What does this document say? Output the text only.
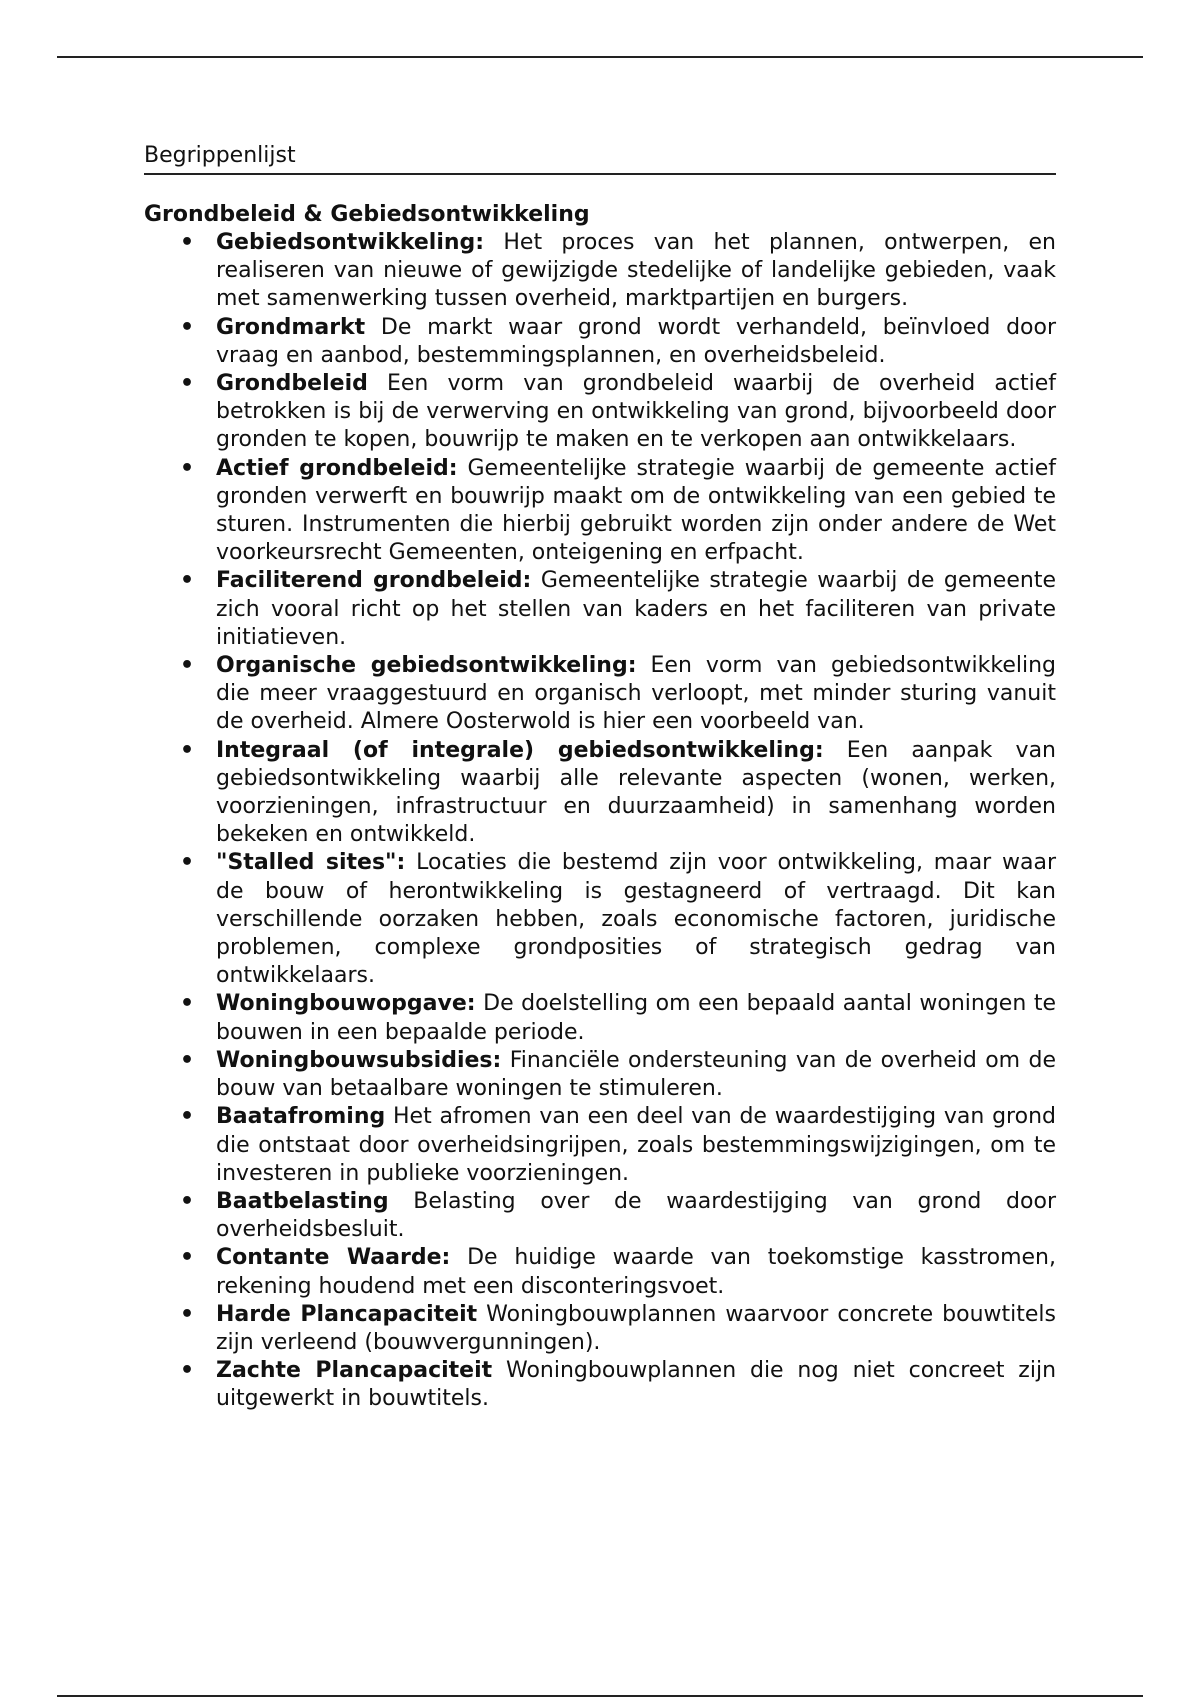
Begrippenlijst
Grondbeleid & Gebiedsontwikkeling
• Gebiedsontwikkeling: Het proces van het plannen, ontwerpen, en realiseren van nieuwe of gewijzigde stedelijke of landelijke gebieden, vaak met samenwerking tussen overheid, marktpartijen en burgers.
• Grondmarkt De markt waar grond wordt verhandeld, beïnvloed door vraag en aanbod, bestemmingsplannen, en overheidsbeleid.
• Grondbeleid Een vorm van grondbeleid waarbij de overheid actief betrokken is bij de verwerving en ontwikkeling van grond, bijvoorbeeld door gronden te kopen, bouwrijp te maken en te verkopen aan ontwikkelaars.
• Actief grondbeleid: Gemeentelijke strategie waarbij de gemeente actief gronden verwerft en bouwrijp maakt om de ontwikkeling van een gebied te sturen. Instrumenten die hierbij gebruikt worden zijn onder andere de Wet voorkeursrecht Gemeenten, onteigening en erfpacht.
• Faciliterend grondbeleid: Gemeentelijke strategie waarbij de gemeente zich vooral richt op het stellen van kaders en het faciliteren van private initiatieven.
• Organische gebiedsontwikkeling: Een vorm van gebiedsontwikkeling die meer vraaggestuurd en organisch verloopt, met minder sturing vanuit de overheid. Almere Oosterwold is hier een voorbeeld van.
• Integraal (of integrale) gebiedsontwikkeling: Een aanpak van gebiedsontwikkeling waarbij alle relevante aspecten (wonen, werken, voorzieningen, infrastructuur en duurzaamheid) in samenhang worden bekeken en ontwikkeld.
• "Stalled sites": Locaties die bestemd zijn voor ontwikkeling, maar waar de bouw of herontwikkeling is gestagneerd of vertraagd. Dit kan verschillende oorzaken hebben, zoals economische factoren, juridische problemen, complexe grondposities of strategisch gedrag van ontwikkelaars.
• Woningbouwopgave: De doelstelling om een bepaald aantal woningen te bouwen in een bepaalde periode.
• Woningbouwsubsidies: Financiële ondersteuning van de overheid om de bouw van betaalbare woningen te stimuleren.
• Baatafroming Het afromen van een deel van de waardestijging van grond die ontstaat door overheidsingrijpen, zoals bestemmingswijzigingen, om te investeren in publieke voorzieningen.
• Baatbelasting Belasting over de waardestijging van grond door overheidsbesluit.
• Contante Waarde: De huidige waarde van toekomstige kasstromen, rekening houdend met een disconteringsvoet.
• Harde Plancapaciteit Woningbouwplannen waarvoor concrete bouwtitels zijn verleend (bouwvergunningen).
• Zachte Plancapaciteit Woningbouwplannen die nog niet concreet zijn uitgewerkt in bouwtitels.
